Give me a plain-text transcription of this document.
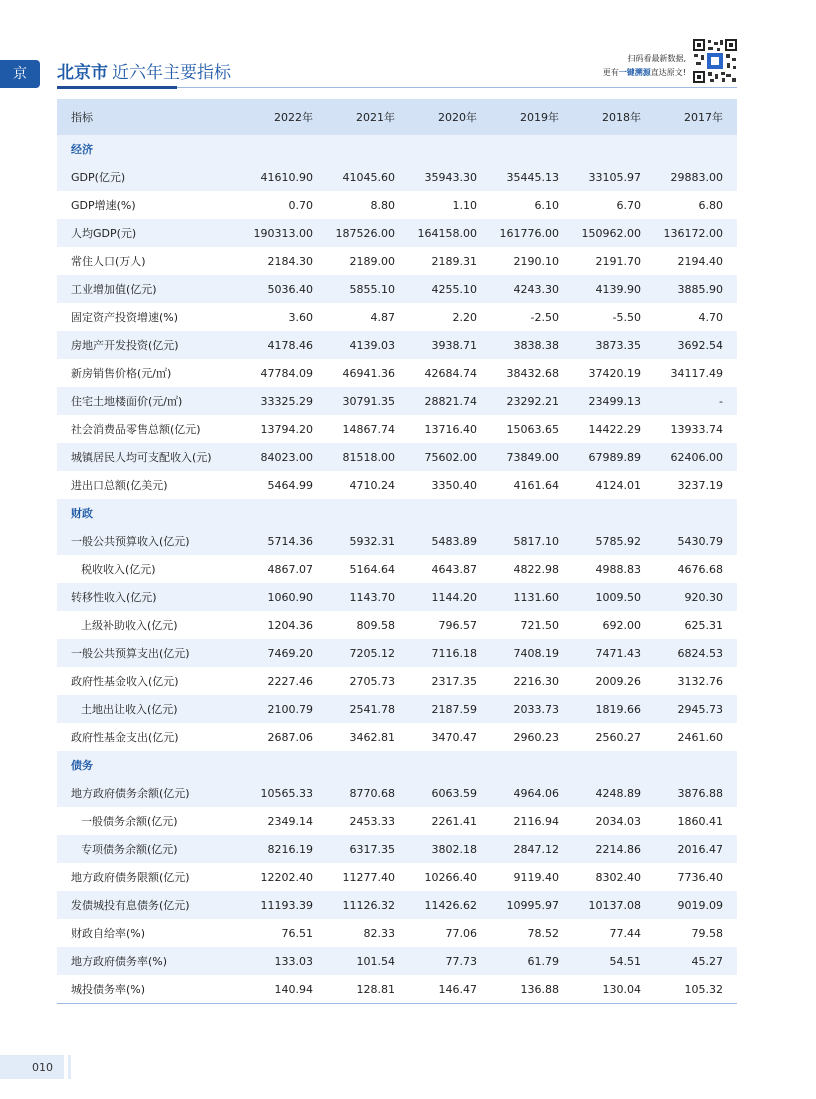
京	北京市 近六年主要指标
扫码看最新数据,
更有一键溯源直达原文!
指标	2022年	2021年	2020年	2019年	2018年	2017年
经济						
GDP(亿元)	41610.90	41045.60	35943.30	35445.13	33105.97	29883.00
GDP增速(%)	0.70	8.80	1.10	6.10	6.70	6.80
人均GDP(元)	190313.00	187526.00	164158.00	161776.00	150962.00	136172.00
常住人口(万人)	2184.30	2189.00	2189.31	2190.10	2191.70	2194.40
工业增加值(亿元)	5036.40	5855.10	4255.10	4243.30	4139.90	3885.90
固定资产投资增速(%)	3.60	4.87	2.20	-2.50	-5.50	4.70
房地产开发投资(亿元)	4178.46	4139.03	3938.71	3838.38	3873.35	3692.54
新房销售价格(元/㎡)	47784.09	46941.36	42684.74	38432.68	37420.19	34117.49
住宅土地楼面价(元/㎡)	33325.29	30791.35	28821.74	23292.21	23499.13	-
社会消费品零售总额(亿元)	13794.20	14867.74	13716.40	15063.65	14422.29	13933.74
城镇居民人均可支配收入(元)	84023.00	81518.00	75602.00	73849.00	67989.89	62406.00
进出口总额(亿美元)	5464.99	4710.24	3350.40	4161.64	4124.01	3237.19
财政						
一般公共预算收入(亿元)	5714.36	5932.31	5483.89	5817.10	5785.92	5430.79
税收收入(亿元)	4867.07	5164.64	4643.87	4822.98	4988.83	4676.68
转移性收入(亿元)	1060.90	1143.70	1144.20	1131.60	1009.50	920.30
上级补助收入(亿元)	1204.36	809.58	796.57	721.50	692.00	625.31
一般公共预算支出(亿元)	7469.20	7205.12	7116.18	7408.19	7471.43	6824.53
政府性基金收入(亿元)	2227.46	2705.73	2317.35	2216.30	2009.26	3132.76
土地出让收入(亿元)	2100.79	2541.78	2187.59	2033.73	1819.66	2945.73
政府性基金支出(亿元)	2687.06	3462.81	3470.47	2960.23	2560.27	2461.60
债务						
地方政府债务余额(亿元)	10565.33	8770.68	6063.59	4964.06	4248.89	3876.88
一般债务余额(亿元)	2349.14	2453.33	2261.41	2116.94	2034.03	1860.41
专项债务余额(亿元)	8216.19	6317.35	3802.18	2847.12	2214.86	2016.47
地方政府债务限额(亿元)	12202.40	11277.40	10266.40	9119.40	8302.40	7736.40
发债城投有息债务(亿元)	11193.39	11126.32	11426.62	10995.97	10137.08	9019.09
财政自给率(%)	76.51	82.33	77.06	78.52	77.44	79.58
地方政府债务率(%)	133.03	101.54	77.73	61.79	54.51	45.27
城投债务率(%)	140.94	128.81	146.47	136.88	130.04	105.32
010
